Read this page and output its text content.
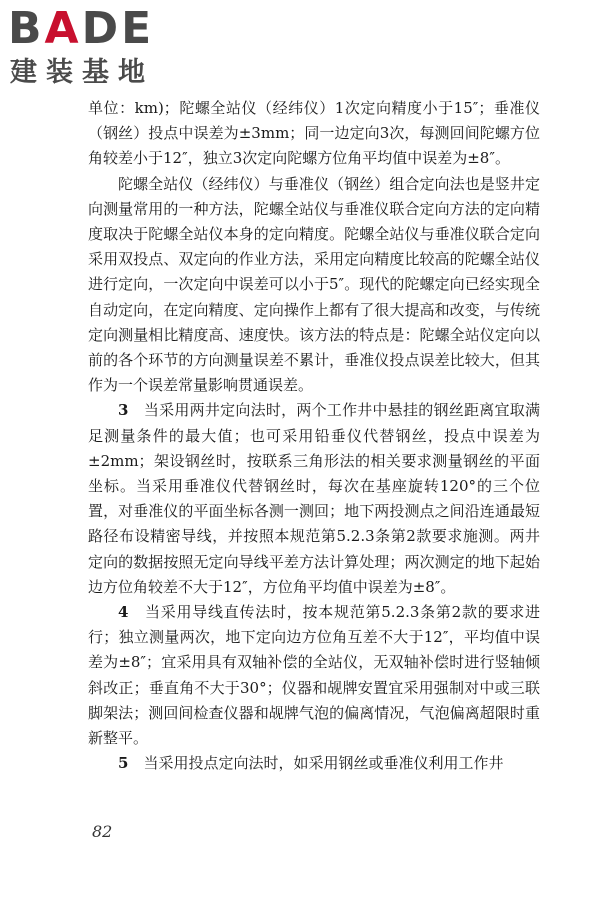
BADE
建装基地

单位：km)；陀螺全站仪（经纬仪）1次定向精度小于15″；垂准仪（钢丝）投点中误差为±3mm；同一边定向3次，每测回间陀螺方位角较差小于12″，独立3次定向陀螺方位角平均值中误差为±8″。

陀螺全站仪（经纬仪）与垂准仪（钢丝）组合定向法也是竖井定向测量常用的一种方法，陀螺全站仪与垂准仪联合定向方法的定向精度取决于陀螺全站仪本身的定向精度。陀螺全站仪与垂准仪联合定向采用双投点、双定向的作业方法，采用定向精度比较高的陀螺全站仪进行定向，一次定向中误差可以小于5″。现代的陀螺定向已经实现全自动定向，在定向精度、定向操作上都有了很大提高和改变，与传统定向测量相比精度高、速度快。该方法的特点是：陀螺全站仪定向以前的各个环节的方向测量误差不累计，垂准仪投点误差比较大，但其作为一个误差常量影响贯通误差。

3　 当采用两井定向法时，两个工作井中悬挂的钢丝距离宜取满足测量条件的最大值；也可采用铅垂仪代替钢丝，投点中误差为±2mm；架设钢丝时，按联系三角形法的相关要求测量钢丝的平面坐标。当采用垂准仪代替钢丝时，每次在基座旋转120°的三个位置，对垂准仪的平面坐标各测一测回；地下两投测点之间沿连通最短路径布设精密导线，并按照本规范第5.2.3条第2款要求施测。两井定向的数据按照无定向导线平差方法计算处理；两次测定的地下起始边方位角较差不大于12″，方位角平均值中误差为±8″。

4　 当采用导线直传法时，按本规范第5.2.3条第2款的要求进行；独立测量两次，地下定向边方位角互差不大于12″，平均值中误差为±8″；宜采用具有双轴补偿的全站仪，无双轴补偿时进行竖轴倾斜改正；垂直角不大于30°；仪器和觇牌安置宜采用强制对中或三联脚架法；测回间检查仪器和觇牌气泡的偏离情况，气泡偏离超限时重新整平。

5　 当采用投点定向法时，如采用钢丝或垂准仪利用工作井

82
